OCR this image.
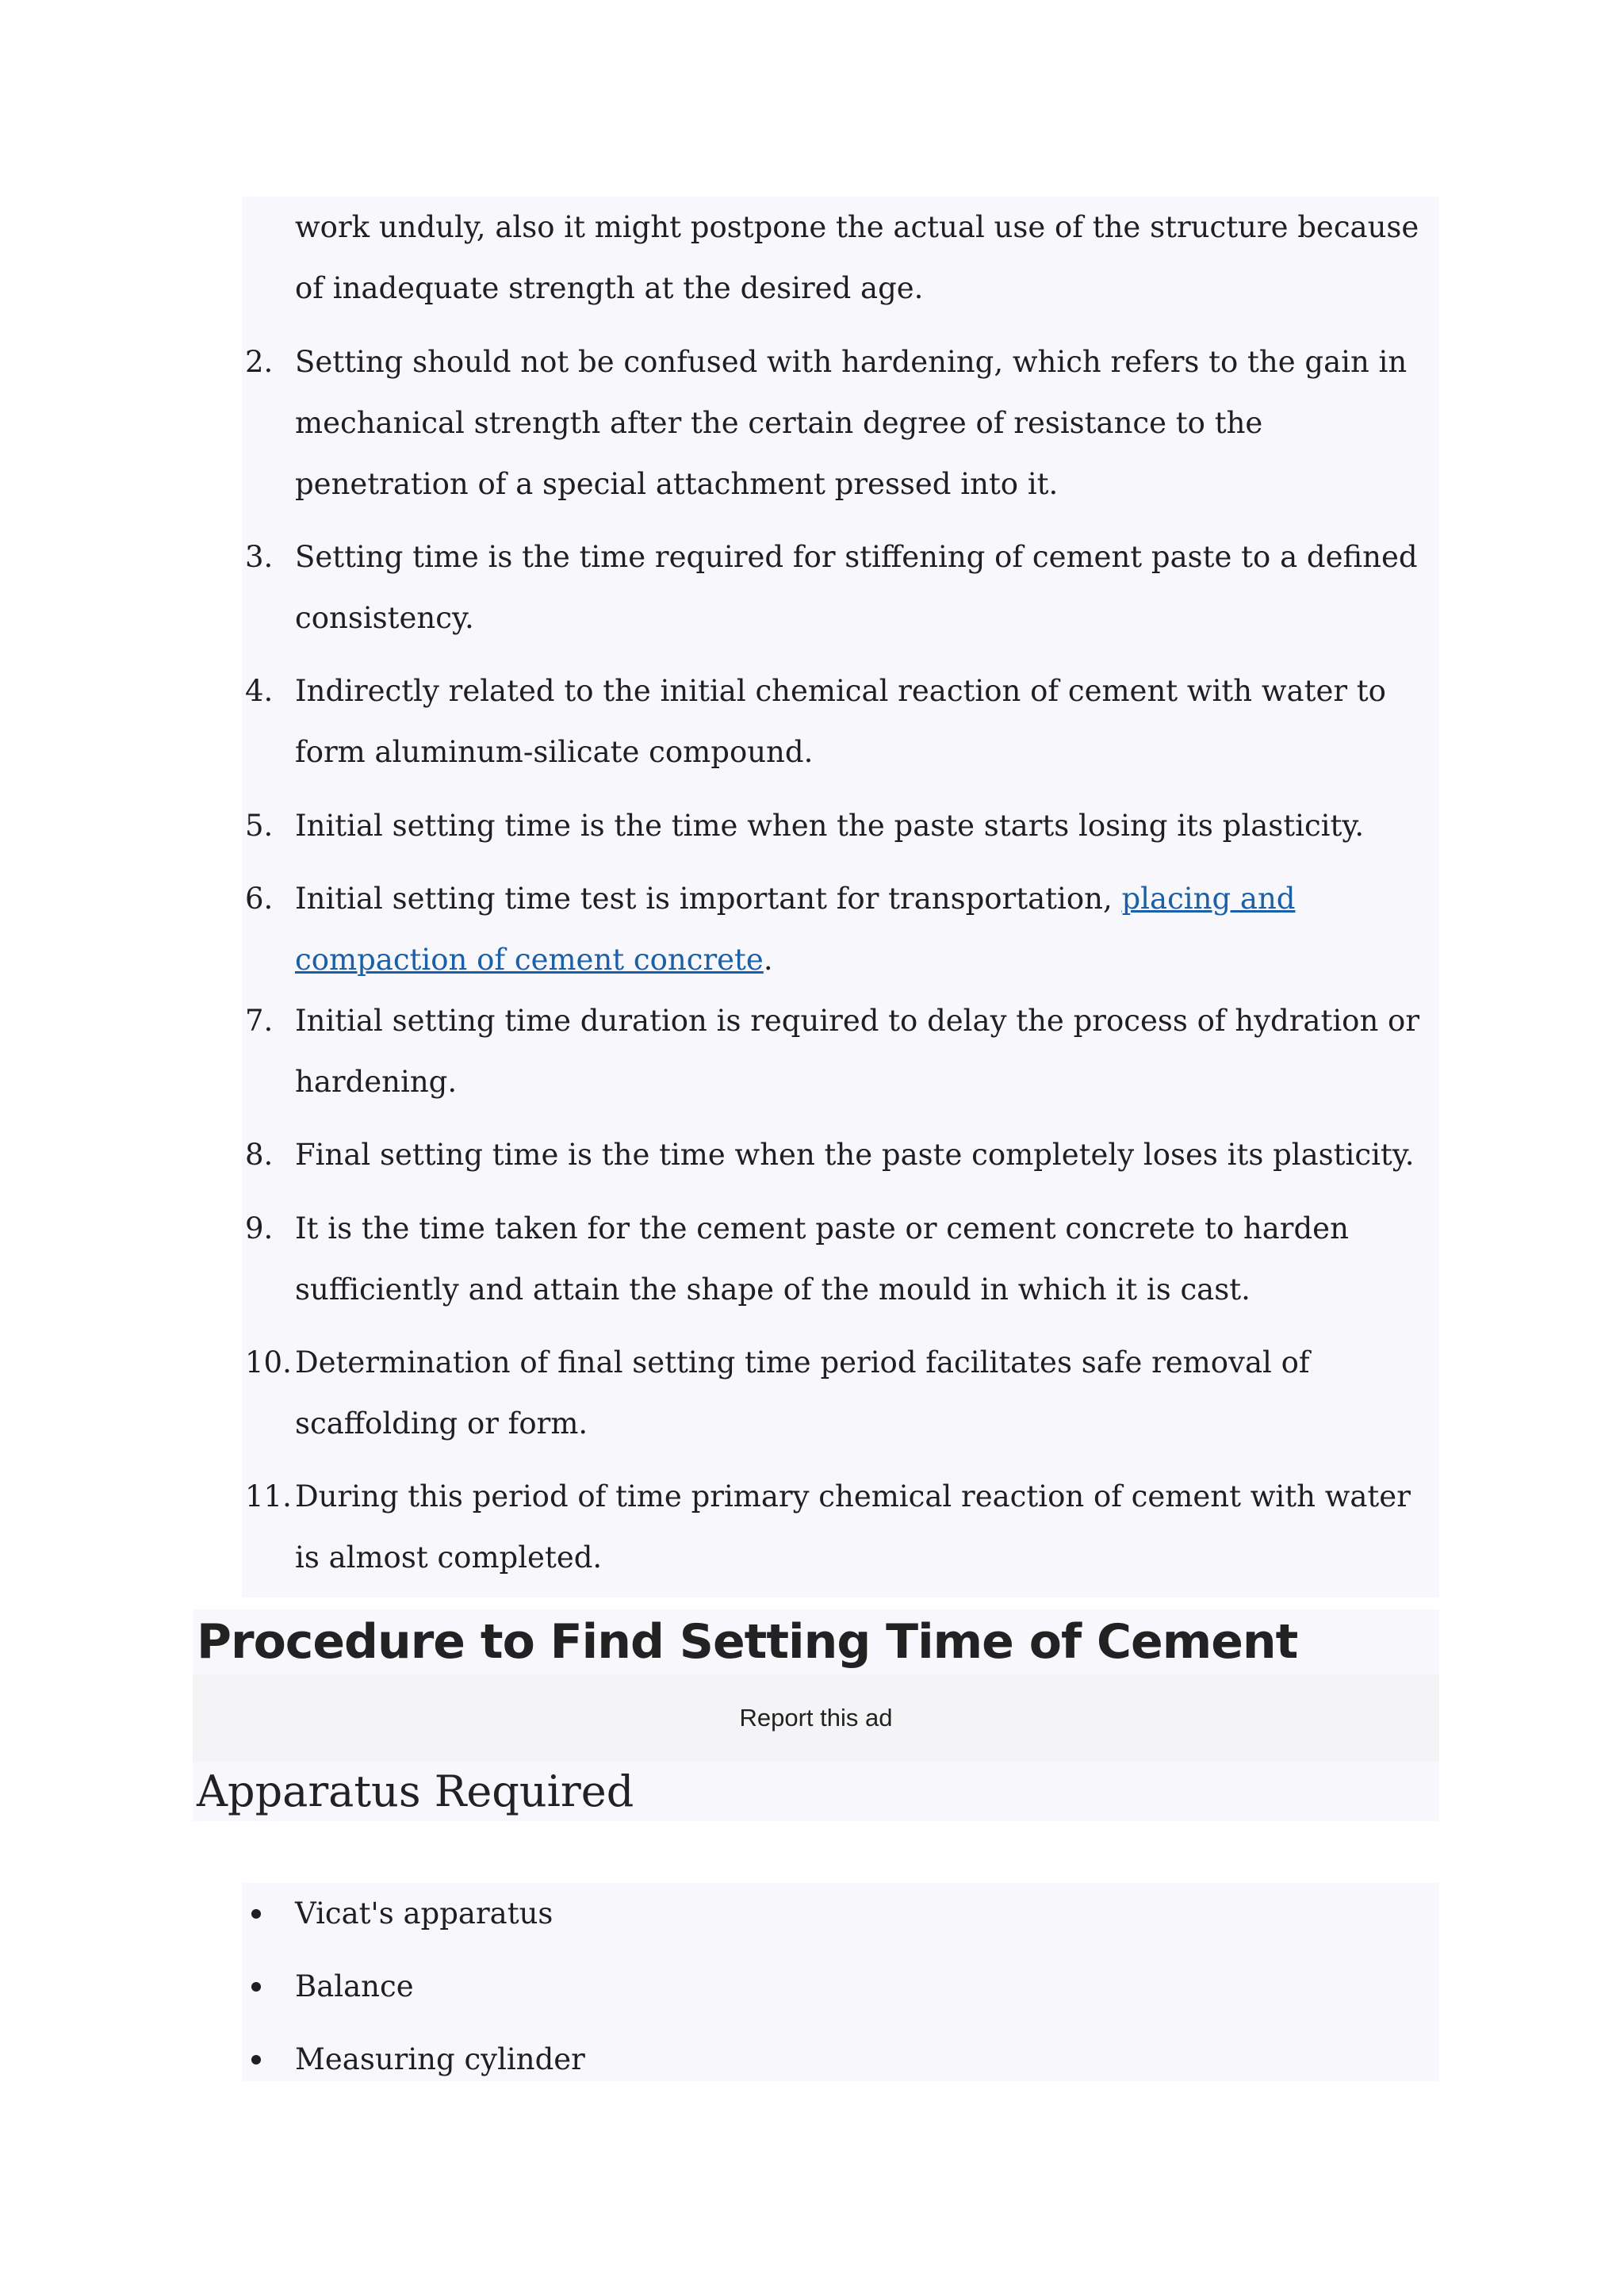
work unduly, also it might postpone the actual use of the structure because of inadequate strength at the desired age.
2. Setting should not be confused with hardening, which refers to the gain in mechanical strength after the certain degree of resistance to the penetration of a special attachment pressed into it.
3. Setting time is the time required for stiffening of cement paste to a defined consistency.
4. Indirectly related to the initial chemical reaction of cement with water to form aluminum-silicate compound.
5. Initial setting time is the time when the paste starts losing its plasticity.
6. Initial setting time test is important for transportation, placing and compaction of cement concrete.
7. Initial setting time duration is required to delay the process of hydration or hardening.
8. Final setting time is the time when the paste completely loses its plasticity.
9. It is the time taken for the cement paste or cement concrete to harden sufficiently and attain the shape of the mould in which it is cast.
10. Determination of final setting time period facilitates safe removal of scaffolding or form.
11. During this period of time primary chemical reaction of cement with water is almost completed.
Procedure to Find Setting Time of Cement
Report this ad
Apparatus Required
Vicat's apparatus
Balance
Measuring cylinder
